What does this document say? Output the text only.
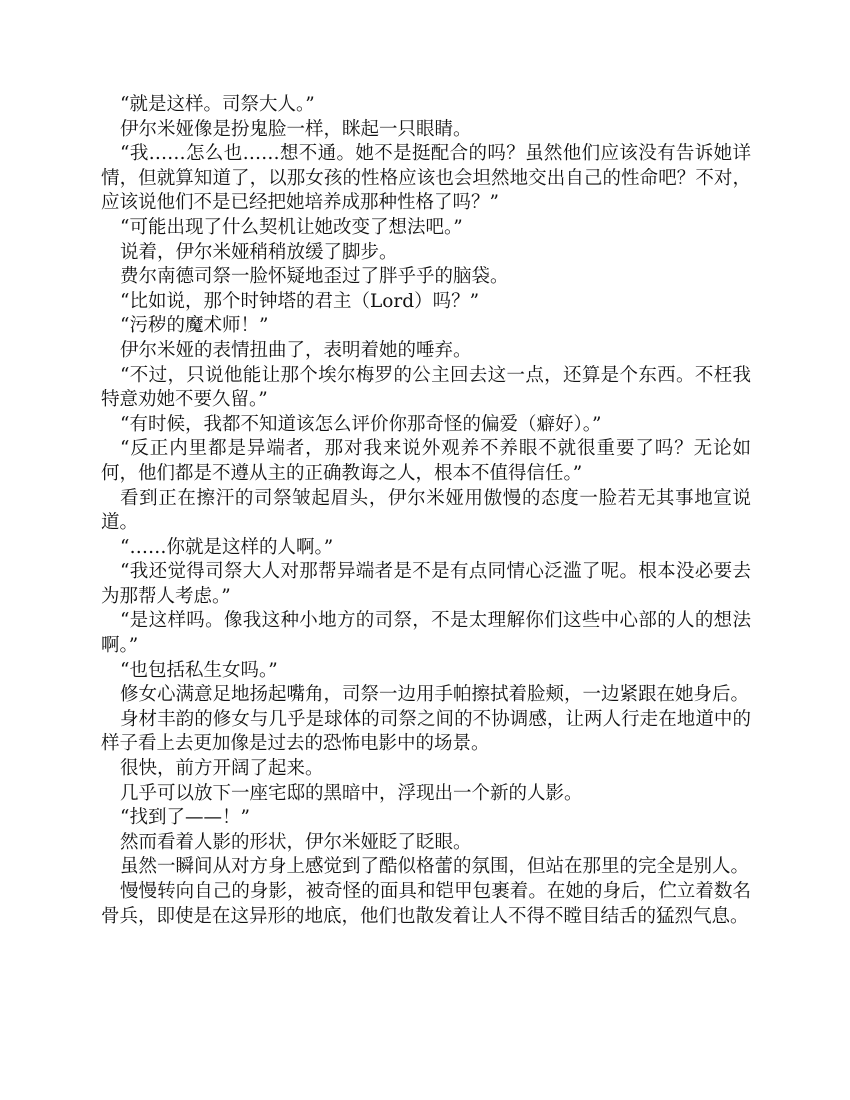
“就是这样。司祭大人。”

伊尔米娅像是扮鬼脸一样，眯起一只眼睛。

“我……怎么也……想不通。她不是挺配合的吗？虽然他们应该没有告诉她详情，但就算知道了，以那女孩的性格应该也会坦然地交出自己的性命吧？不对，应该说他们不是已经把她培养成那种性格了吗？”

“可能出现了什么契机让她改变了想法吧。”

说着，伊尔米娅稍稍放缓了脚步。

费尔南德司祭一脸怀疑地歪过了胖乎乎的脑袋。

“比如说，那个时钟塔的君主（Lord）吗？”

“污秽的魔术师！”

伊尔米娅的表情扭曲了，表明着她的唾弃。

“不过，只说他能让那个埃尔梅罗的公主回去这一点，还算是个东西。不枉我特意劝她不要久留。”

“有时候，我都不知道该怎么评价你那奇怪的偏爱（癖好）。”

“反正内里都是异端者，那对我来说外观养不养眼不就很重要了吗？无论如何，他们都是不遵从主的正确教诲之人，根本不值得信任。”

看到正在擦汗的司祭皱起眉头，伊尔米娅用傲慢的态度一脸若无其事地宣说道。

“……你就是这样的人啊。”

“我还觉得司祭大人对那帮异端者是不是有点同情心泛滥了呢。根本没必要去为那帮人考虑。”

“是这样吗。像我这种小地方的司祭，不是太理解你们这些中心部的人的想法啊。”

“也包括私生女吗。”

修女心满意足地扬起嘴角，司祭一边用手帕擦拭着脸颊，一边紧跟在她身后。

身材丰韵的修女与几乎是球体的司祭之间的不协调感，让两人行走在地道中的样子看上去更加像是过去的恐怖电影中的场景。

很快，前方开阔了起来。

几乎可以放下一座宅邸的黑暗中，浮现出一个新的人影。

“找到了——！”

然而看着人影的形状，伊尔米娅眨了眨眼。

虽然一瞬间从对方身上感觉到了酷似格蕾的氛围，但站在那里的完全是别人。

慢慢转向自己的身影，被奇怪的面具和铠甲包裹着。在她的身后，伫立着数名骨兵，即使是在这异形的地底，他们也散发着让人不得不瞠目结舌的猛烈气息。
